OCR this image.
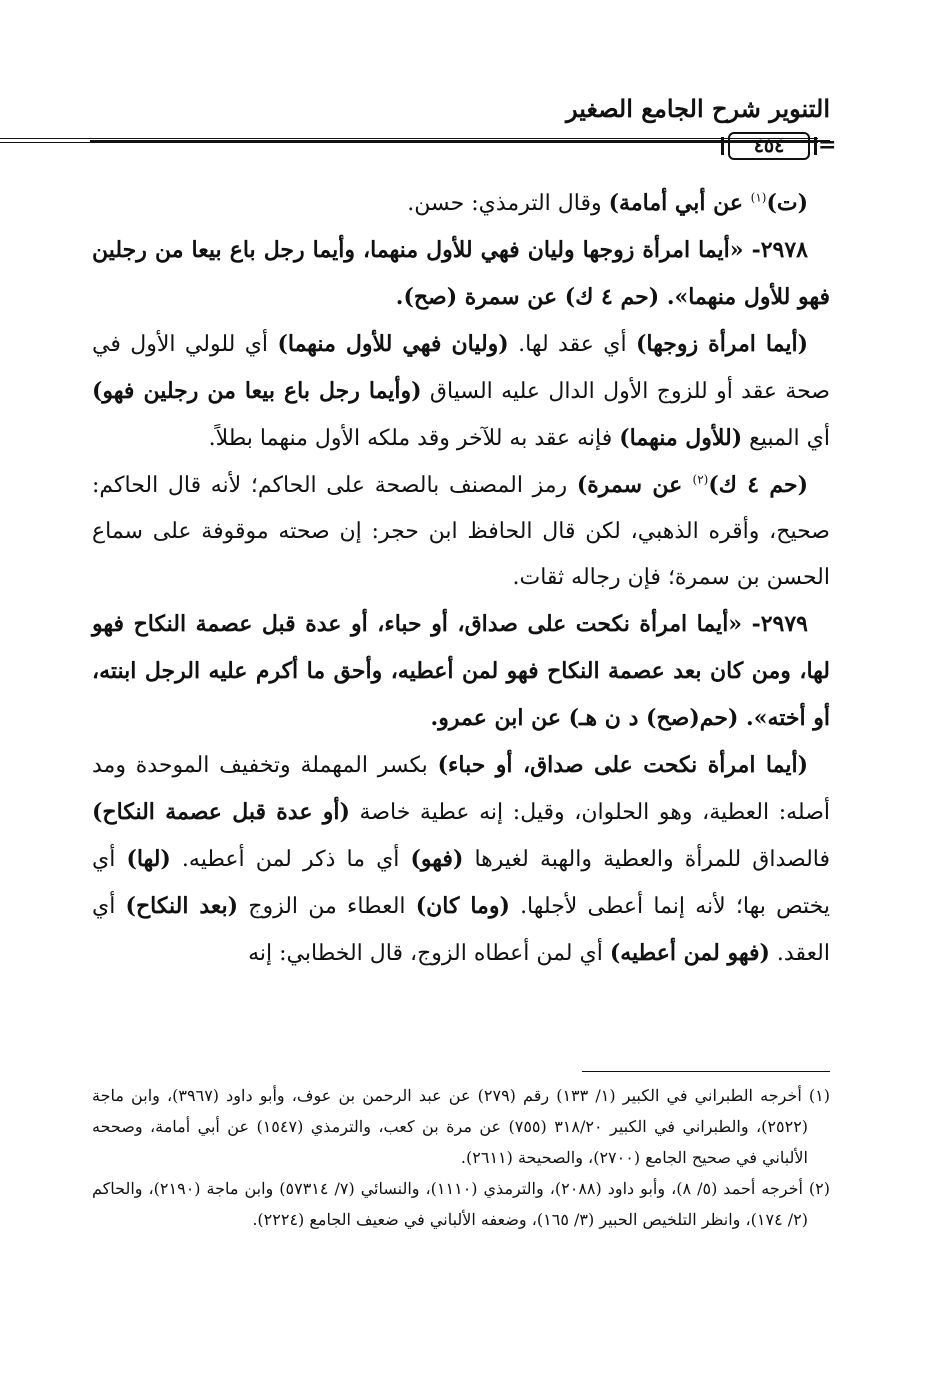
التنوير شرح الجامع الصغير
٤٥٤	=

(ت)$^{(١)}$ عن أبي أمامة) وقال الترمذي: حسن.

٢٩٧٨- «أيما امرأة زوجها وليان فهي للأول منهما، وأيما رجل باع بيعا من رجلين فهو للأول منهما». (حم ٤ ك) عن سمرة (صح).

(أيما امرأة زوجها) أي عقد لها. (وليان فهي للأول منهما) أي للولي الأول في صحة عقد أو للزوج الأول الدال عليه السياق (وأيما رجل باع بيعا من رجلين فهو) أي المبيع (للأول منهما) فإنه عقد به للآخر وقد ملكه الأول منهما بطلاً.

(حم ٤ ك)$^{(٢)}$ عن سمرة) رمز المصنف بالصحة على الحاكم؛ لأنه قال الحاكم: صحيح، وأقره الذهبي، لكن قال الحافظ ابن حجر: إن صحته موقوفة على سماع الحسن بن سمرة؛ فإن رجاله ثقات.

٢٩٧٩- «أيما امرأة نكحت على صداق، أو حباء، أو عدة قبل عصمة النكاح فهو لها، ومن كان بعد عصمة النكاح فهو لمن أعطيه، وأحق ما أكرم عليه الرجل ابنته، أو أخته». (حم(صح) د ن هـ) عن ابن عمرو.

(أيما امرأة نكحت على صداق، أو حباء) بكسر المهملة وتخفيف الموحدة ومد أصله: العطية، وهو الحلوان، وقيل: إنه عطية خاصة (أو عدة قبل عصمة النكاح) فالصداق للمرأة والعطية والهبة لغيرها (فهو) أي ما ذكر لمن أعطيه. (لها) أي يختص بها؛ لأنه إنما أعطى لأجلها. (وما كان) العطاء من الزوج (بعد النكاح) أي العقد. (فهو لمن أعطيه) أي لمن أعطاه الزوج، قال الخطابي: إنه

(١) أخرجه الطبراني في الكبير (١/ ١٣٣) رقم (٢٧٩) عن عبد الرحمن بن عوف، وأبو داود (٣٩٦٧)، وابن ماجة (٢٥٢٢)، والطبراني في الكبير ٣١٨/٢٠ (٧٥٥) عن مرة بن كعب، والترمذي (١٥٤٧) عن أبي أمامة، وصححه الألباني في صحيح الجامع (٢٧٠٠)، والصحيحة (٢٦١١).

(٢) أخرجه أحمد (٥/ ٨)، وأبو داود (٢٠٨٨)، والترمذي (١١١٠)، والنسائي (٧/ ٥٧٣١٤) وابن ماجة (٢١٩٠)، والحاكم (٢/ ١٧٤)، وانظر التلخيص الحبير (٣/ ١٦٥)، وضعفه الألباني في ضعيف الجامع (٢٢٢٤).
